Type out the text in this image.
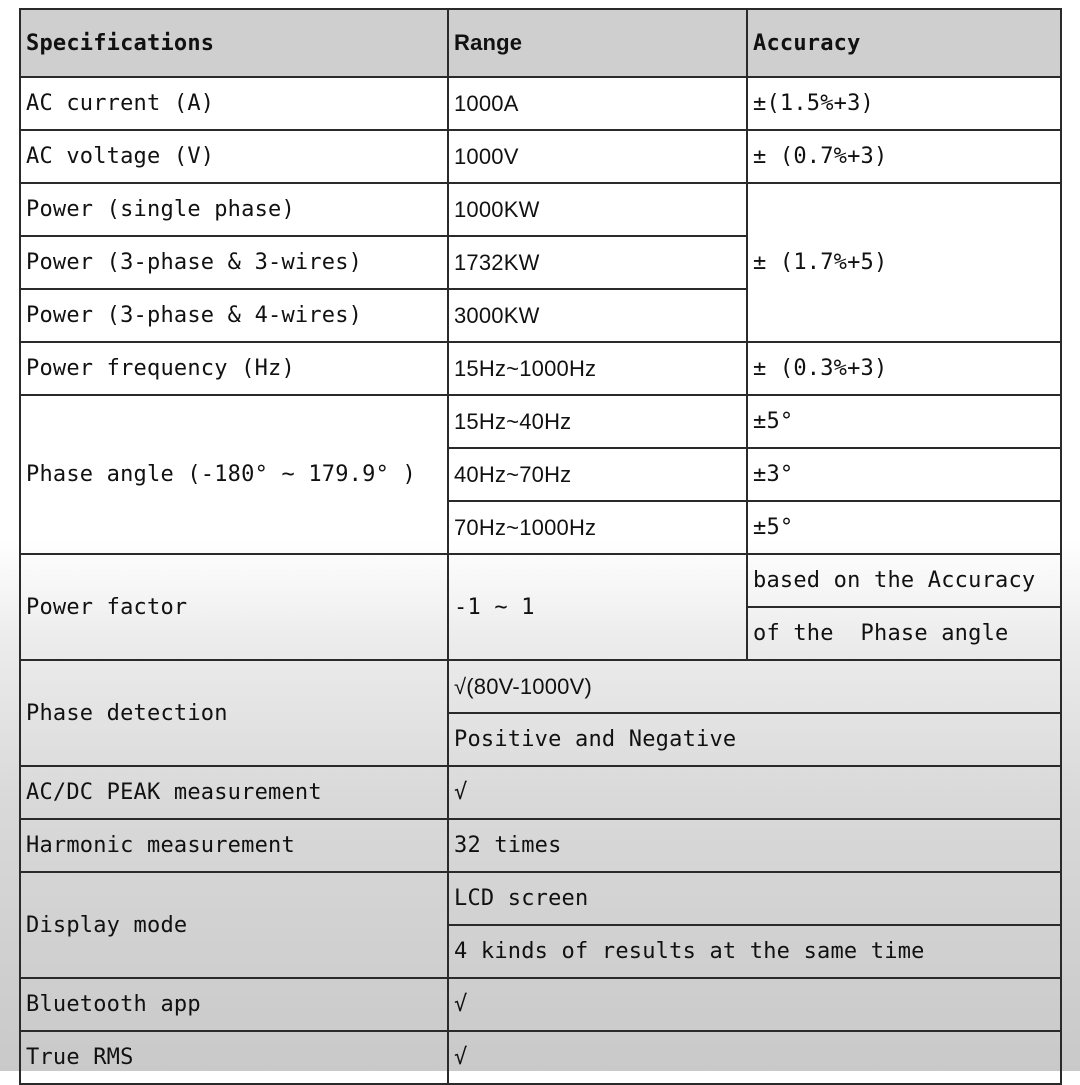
Specifications	Range	Accuracy
AC current (A)	1000A	±(1.5%+3)
AC voltage (V)	1000V	± (0.7%+3)
Power (single phase)	1000KW	± (1.7%+5)
Power (3-phase & 3-wires)	1732KW	
Power (3-phase & 4-wires)	3000KW	
Power frequency (Hz)	15Hz~1000Hz	± (0.3%+3)
Phase angle (-180° ~ 179.9° )	15Hz~40Hz	±5°
	40Hz~70Hz	±3°
	70Hz~1000Hz	±5°
Power factor	-1 ~ 1	based on the Accuracy
		of the  Phase angle
Phase detection	√(80V-1000V)	
	Positive and Negative	
AC/DC PEAK measurement	√	
Harmonic measurement	32 times	
Display mode	LCD screen	
	4 kinds of results at the same time	
Bluetooth app	√	
True RMS	√	
